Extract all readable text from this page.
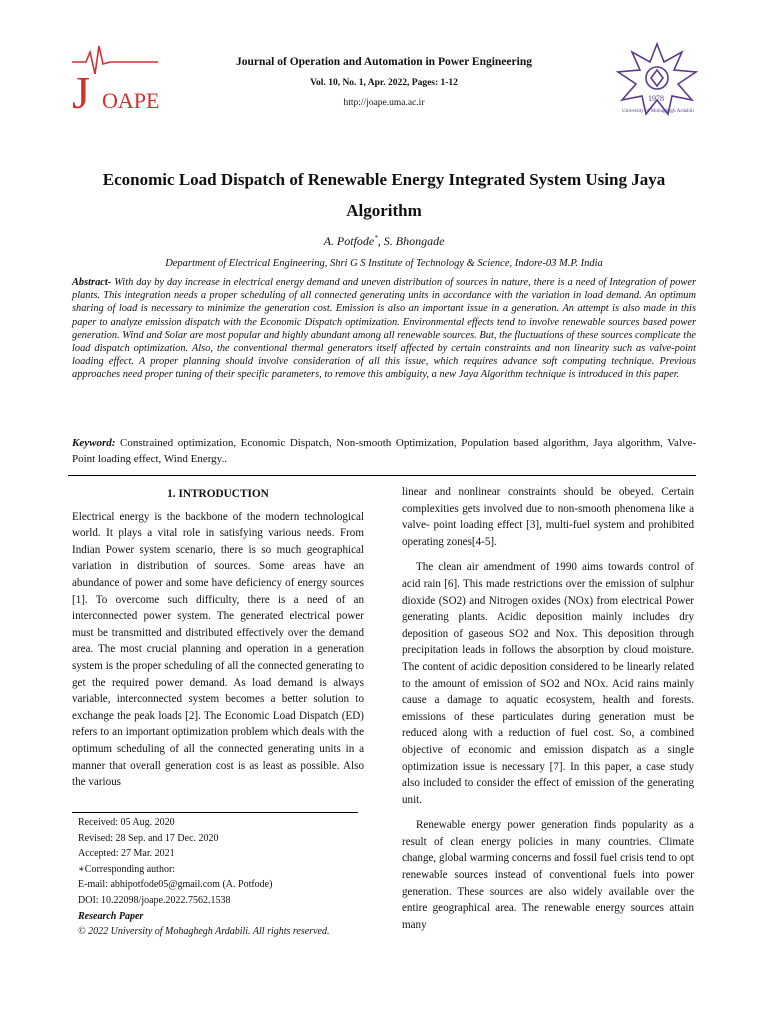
J OAPE
Journal of Operation and Automation in Power Engineering
Vol. 10, No. 1, Apr. 2022, Pages: 1-12
http://joape.uma.ac.ir	1978
University of Mohaghegh Ardabili
Economic Load Dispatch of Renewable Energy Integrated System Using Jaya Algorithm
A. Potfode*, S. Bhongade
Department of Electrical Engineering, Shri G S Institute of Technology & Science, Indore-03 M.P. India
Abstract- With day by day increase in electrical energy demand and uneven distribution of sources in nature, there is a need of Integration of power plants. This integration needs a proper scheduling of all connected generating units in accordance with the variation in load demand. An optimum sharing of load is necessary to minimize the generation cost. Emission is also an important issue in a generation. An attempt is also made in this paper to analyze emission dispatch with the Economic Dispatch optimization. Environmental effects tend to involve renewable sources based power generation. Wind and Solar are most popular and highly abundant among all renewable sources. But, the fluctuations of these sources complicate the load dispatch optimization. Also, the conventional thermal generators itself affected by certain constraints and non linearity such as valve-point loading effect. A proper planning should involve consideration of all this issue, which requires advance soft computing technique. Previous approaches need proper tuning of their specific parameters, to remove this ambiguity, a new Jaya Algorithm technique is introduced in this paper.
Keyword: Constrained optimization, Economic Dispatch, Non-smooth Optimization, Population based algorithm, Jaya algorithm, Valve-Point loading effect, Wind Energy..
1. INTRODUCTION

Electrical energy is the backbone of the modern technological world. It plays a vital role in satisfying various needs. From Indian Power system scenario, there is so much geographical variation in distribution of sources. Some areas have an abundance of power and some have deficiency of energy sources [1]. To overcome such difficulty, there is a need of an interconnected power system. The generated electrical power must be transmitted and distributed effectively over the demand area. The most crucial planning and operation in a generation system is the proper scheduling of all the connected generating to get the required power demand. As load demand is always variable, interconnected system becomes a better solution to exchange the peak loads [2]. The Economic Load Dispatch (ED) refers to an important optimization problem which deals with the optimum scheduling of all the connected generating units in a manner that overall generation cost is as least as possible. Also the various

linear and nonlinear constraints should be obeyed. Certain complexities gets involved due to non-smooth phenomena like a valve- point loading effect [3], multi-fuel system and prohibited operating zones[4-5].

The clean air amendment of 1990 aims towards control of acid rain [6]. This made restrictions over the emission of sulphur dioxide (SO2) and Nitrogen oxides (NOx) from electrical Power generating plants. Acidic deposition mainly includes dry deposition of gaseous SO2 and Nox. This deposition through precipitation leads in follows the absorption by cloud moisture. The content of acidic deposition considered to be linearly related to the amount of emission of SO2 and NOx. Acid rains mainly cause a damage to aquatic ecosystem, health and forests. emissions of these particulates during generation must be reduced along with a reduction of fuel cost. So, a combined objective of economic and emission dispatch as a single optimization issue is necessary [7]. In this paper, a case study also included to consider the effect of emission of the generating unit.

Renewable energy power generation finds popularity as a result of clean energy policies in many countries. Climate change, global warming concerns and fossil fuel crisis tend to opt renewable sources instead of conventional fuels into power generation. These sources are also widely available over the entire geographical area. The renewable energy sources attain many

Received: 05 Aug. 2020
Revised: 28 Sep. and 17 Dec. 2020
Accepted: 27 Mar. 2021
∗Corresponding author:
E-mail: abhipotfode05@gmail.com (A. Potfode)
DOI: 10.22098/joape.2022.7562.1538
Research Paper
© 2022 University of Mohaghegh Ardabili. All rights reserved.
